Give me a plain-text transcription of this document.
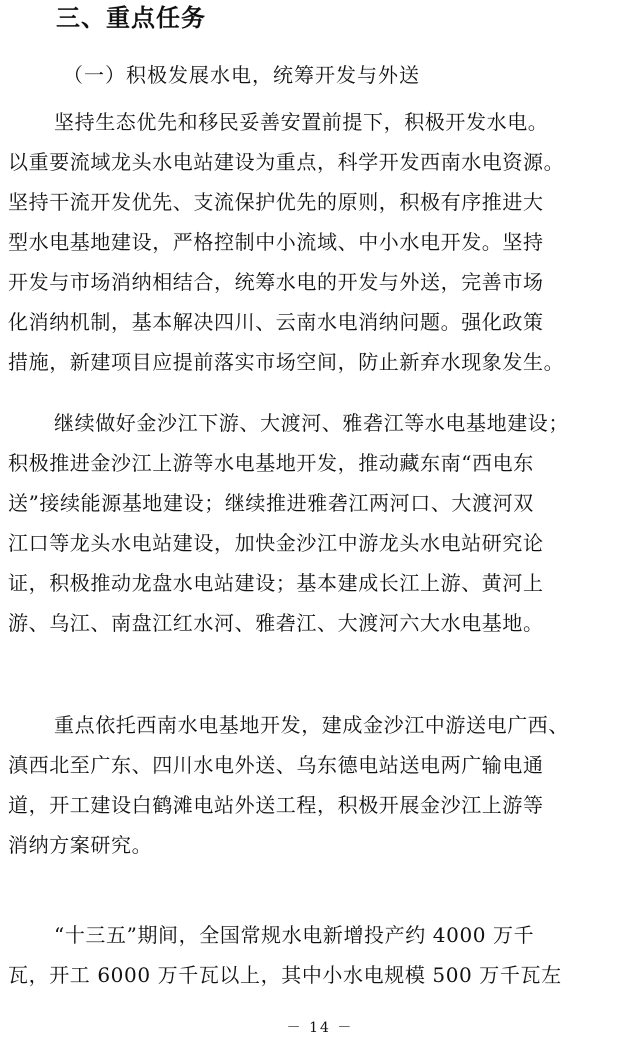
三、重点任务
（一）积极发展水电，统筹开发与外送
坚持生态优先和移民妥善安置前提下，积极开发水电。
以重要流域龙头水电站建设为重点，科学开发西南水电资源。
坚持干流开发优先、支流保护优先的原则，积极有序推进大
型水电基地建设，严格控制中小流域、中小水电开发。坚持
开发与市场消纳相结合，统筹水电的开发与外送，完善市场
化消纳机制，基本解决四川、云南水电消纳问题。强化政策
措施，新建项目应提前落实市场空间，防止新弃水现象发生。
继续做好金沙江下游、大渡河、雅砻江等水电基地建设；
积极推进金沙江上游等水电基地开发，推动藏东南“西电东
送”接续能源基地建设；继续推进雅砻江两河口、大渡河双
江口等龙头水电站建设，加快金沙江中游龙头水电站研究论
证，积极推动龙盘水电站建设；基本建成长江上游、黄河上
游、乌江、南盘江红水河、雅砻江、大渡河六大水电基地。
重点依托西南水电基地开发，建成金沙江中游送电广西、
滇西北至广东、四川水电外送、乌东德电站送电两广输电通
道，开工建设白鹤滩电站外送工程，积极开展金沙江上游等
消纳方案研究。
“十三五”期间，全国常规水电新增投产约 4000 万千
瓦，开工 6000 万千瓦以上，其中小水电规模 500 万千瓦左
－ 14 －
